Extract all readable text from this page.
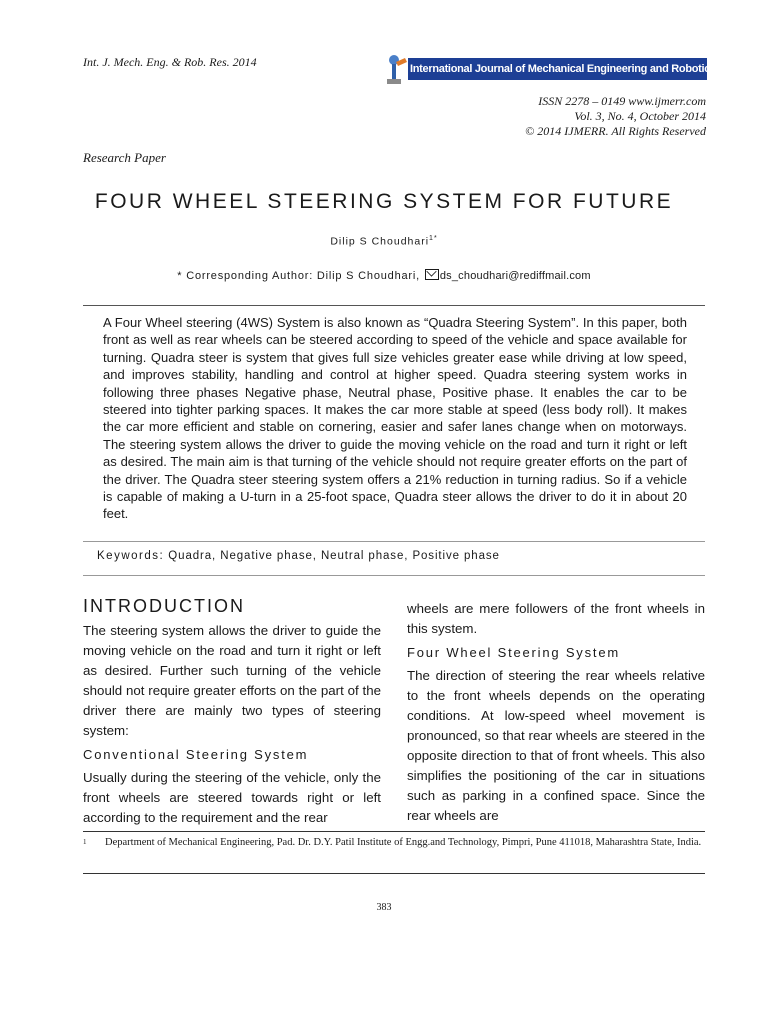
Int. J. Mech. Eng. & Rob. Res. 2014	International Journal of Mechanical Engineering and Robotics Research
ISSN 2278 – 0149 www.ijmerr.com
Vol. 3, No. 4, October 2014
© 2014 IJMERR. All Rights Reserved
Research Paper
FOUR WHEEL STEERING SYSTEM FOR FUTURE
Dilip S Choudhari$^{1*}$
* Corresponding Author: Dilip S Choudhari, ds_choudhari@rediffmail.com
A Four Wheel steering (4WS) System is also known as “Quadra Steering System”. In this paper, both front as well as rear wheels can be steered according to speed of the vehicle and space available for turning. Quadra steer is system that gives full size vehicles greater ease while driving at low speed, and improves stability, handling and control at higher speed. Quadra steering system works in following three phases Negative phase, Neutral phase, Positive phase. It enables the car to be steered into tighter parking spaces. It makes the car more stable at speed (less body roll). It makes the car more efficient and stable on cornering, easier and safer lanes change when on motorways. The steering system allows the driver to guide the moving vehicle on the road and turn it right or left as desired. The main aim is that turning of the vehicle should not require greater efforts on the part of the driver. The Quadra steer steering system offers a 21% reduction in turning radius. So if a vehicle is capable of making a U-turn in a 25-foot space, Quadra steer allows the driver to do it in about 20 feet.
Keywords: Quadra, Negative phase, Neutral phase, Positive phase
INTRODUCTION

The steering system allows the driver to guide the moving vehicle on the road and turn it right or left as desired. Further such turning of the vehicle should not require greater efforts on the part of the driver there are mainly two types of steering system:

Conventional Steering System

Usually during the steering of the vehicle, only the front wheels are steered towards right or left according to the requirement and the rear

wheels are mere followers of the front wheels in this system.

Four Wheel Steering System

The direction of steering the rear wheels relative to the front wheels depends on the operating conditions. At low-speed wheel movement is pronounced, so that rear wheels are steered in the opposite direction to that of front wheels. This also simplifies the positioning of the car in situations such as parking in a confined space. Since the rear wheels are

1	Department of Mechanical Engineering, Pad. Dr. D.Y. Patil Institute of Engg.and Technology, Pimpri, Pune 411018, Maharashtra State, India.
383
